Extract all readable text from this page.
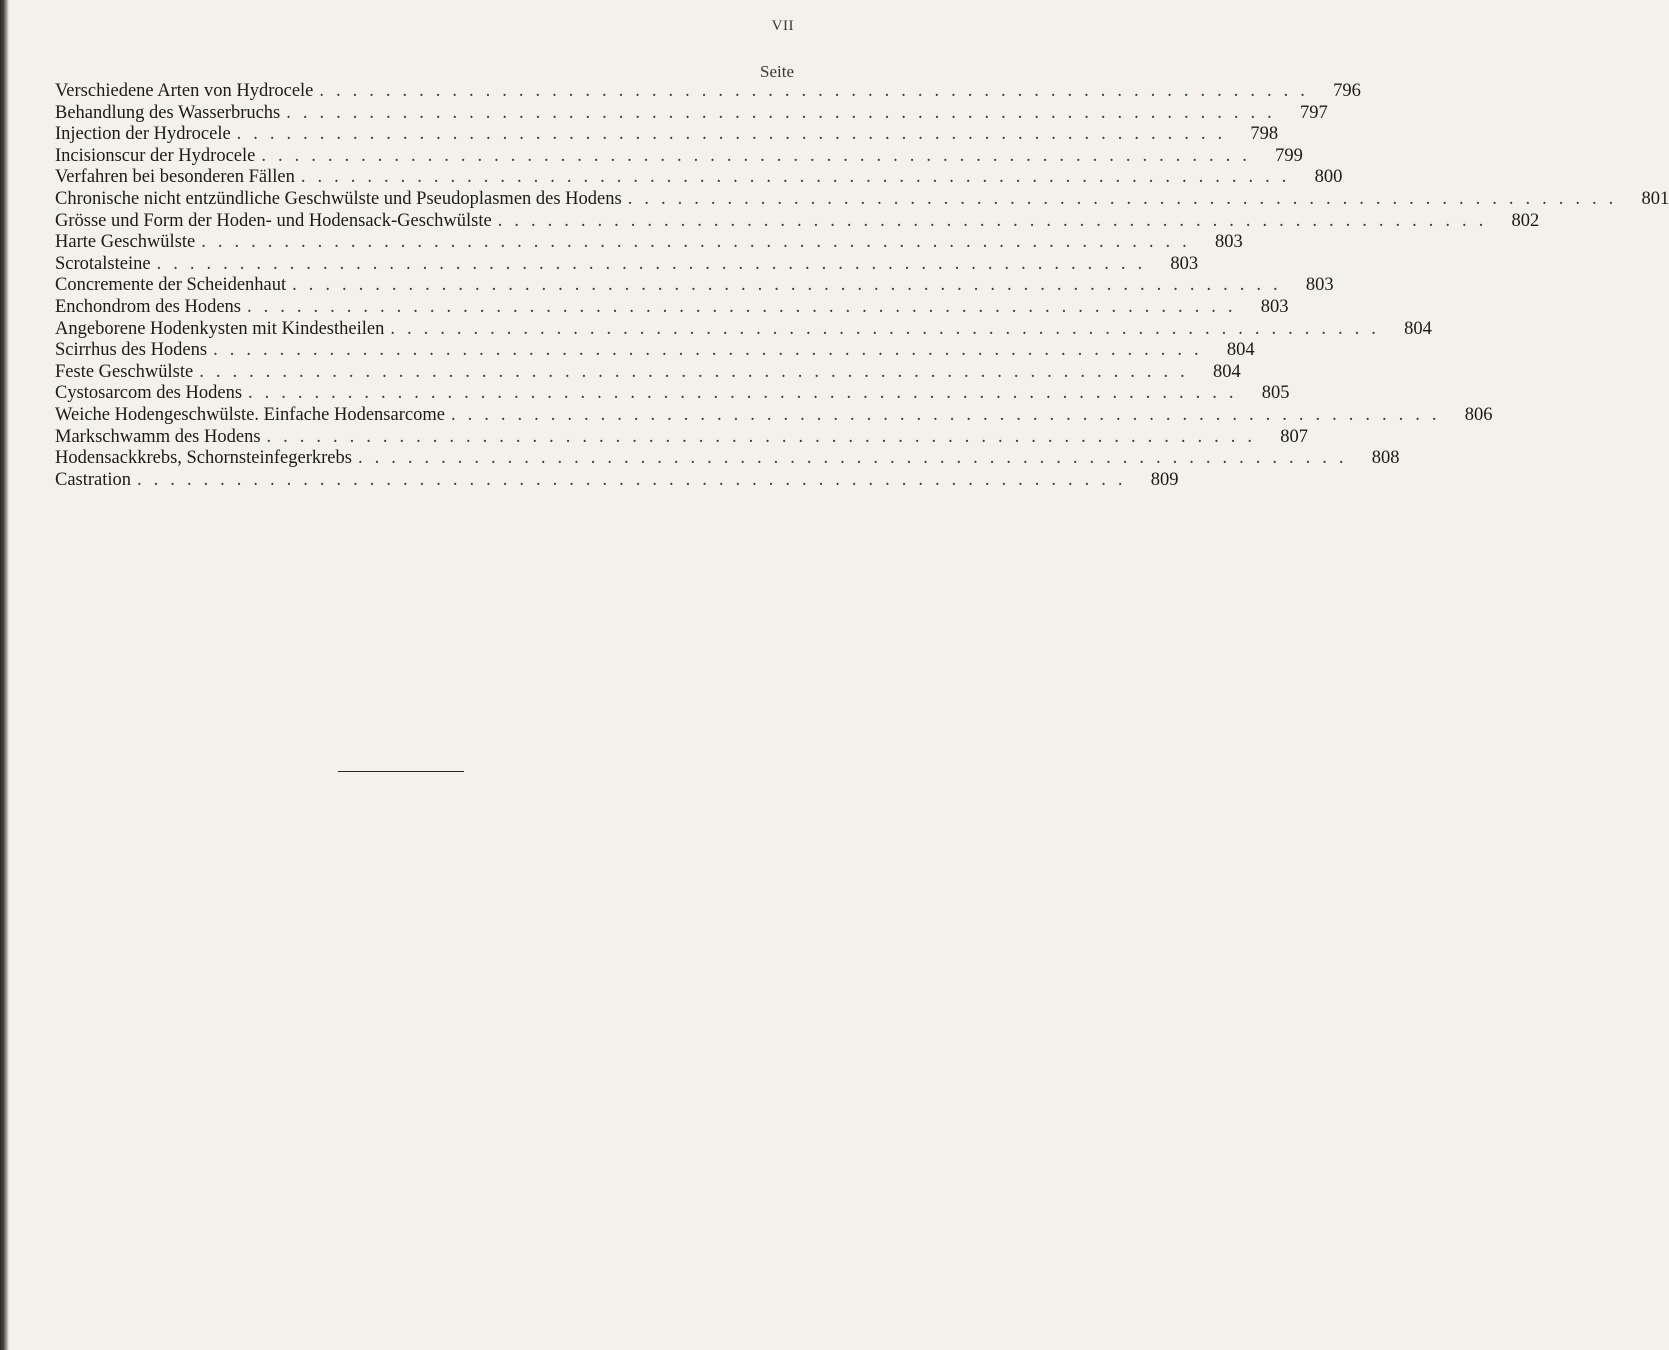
VII
Seite
Verschiedene Arten von Hydrocele ............................................................ 796
Behandlung des Wasserbruchs ............................................................ 797
Injection der Hydrocele ............................................................ 798
Incisionscur der Hydrocele ............................................................ 799
Verfahren bei besonderen Fällen ............................................................ 800
Chronische nicht entzündliche Geschwülste und Pseudoplasmen des Hodens ............................................................ 801
Grösse und Form der Hoden- und Hodensack-Geschwülste ............................................................ 802
Harte Geschwülste ............................................................ 803
Scrotalsteine ............................................................ 803
Concremente der Scheidenhaut ............................................................ 803
Enchondrom des Hodens ............................................................ 803
Angeborene Hodenkysten mit Kindestheilen ............................................................ 804
Scirrhus des Hodens ............................................................ 804
Feste Geschwülste ............................................................ 804
Cystosarcom des Hodens ............................................................ 805
Weiche Hodengeschwülste. Einfache Hodensarcome ............................................................ 806
Markschwamm des Hodens ............................................................ 807
Hodensackkrebs, Schornsteinfegerkrebs ............................................................ 808
Castration ............................................................ 809
